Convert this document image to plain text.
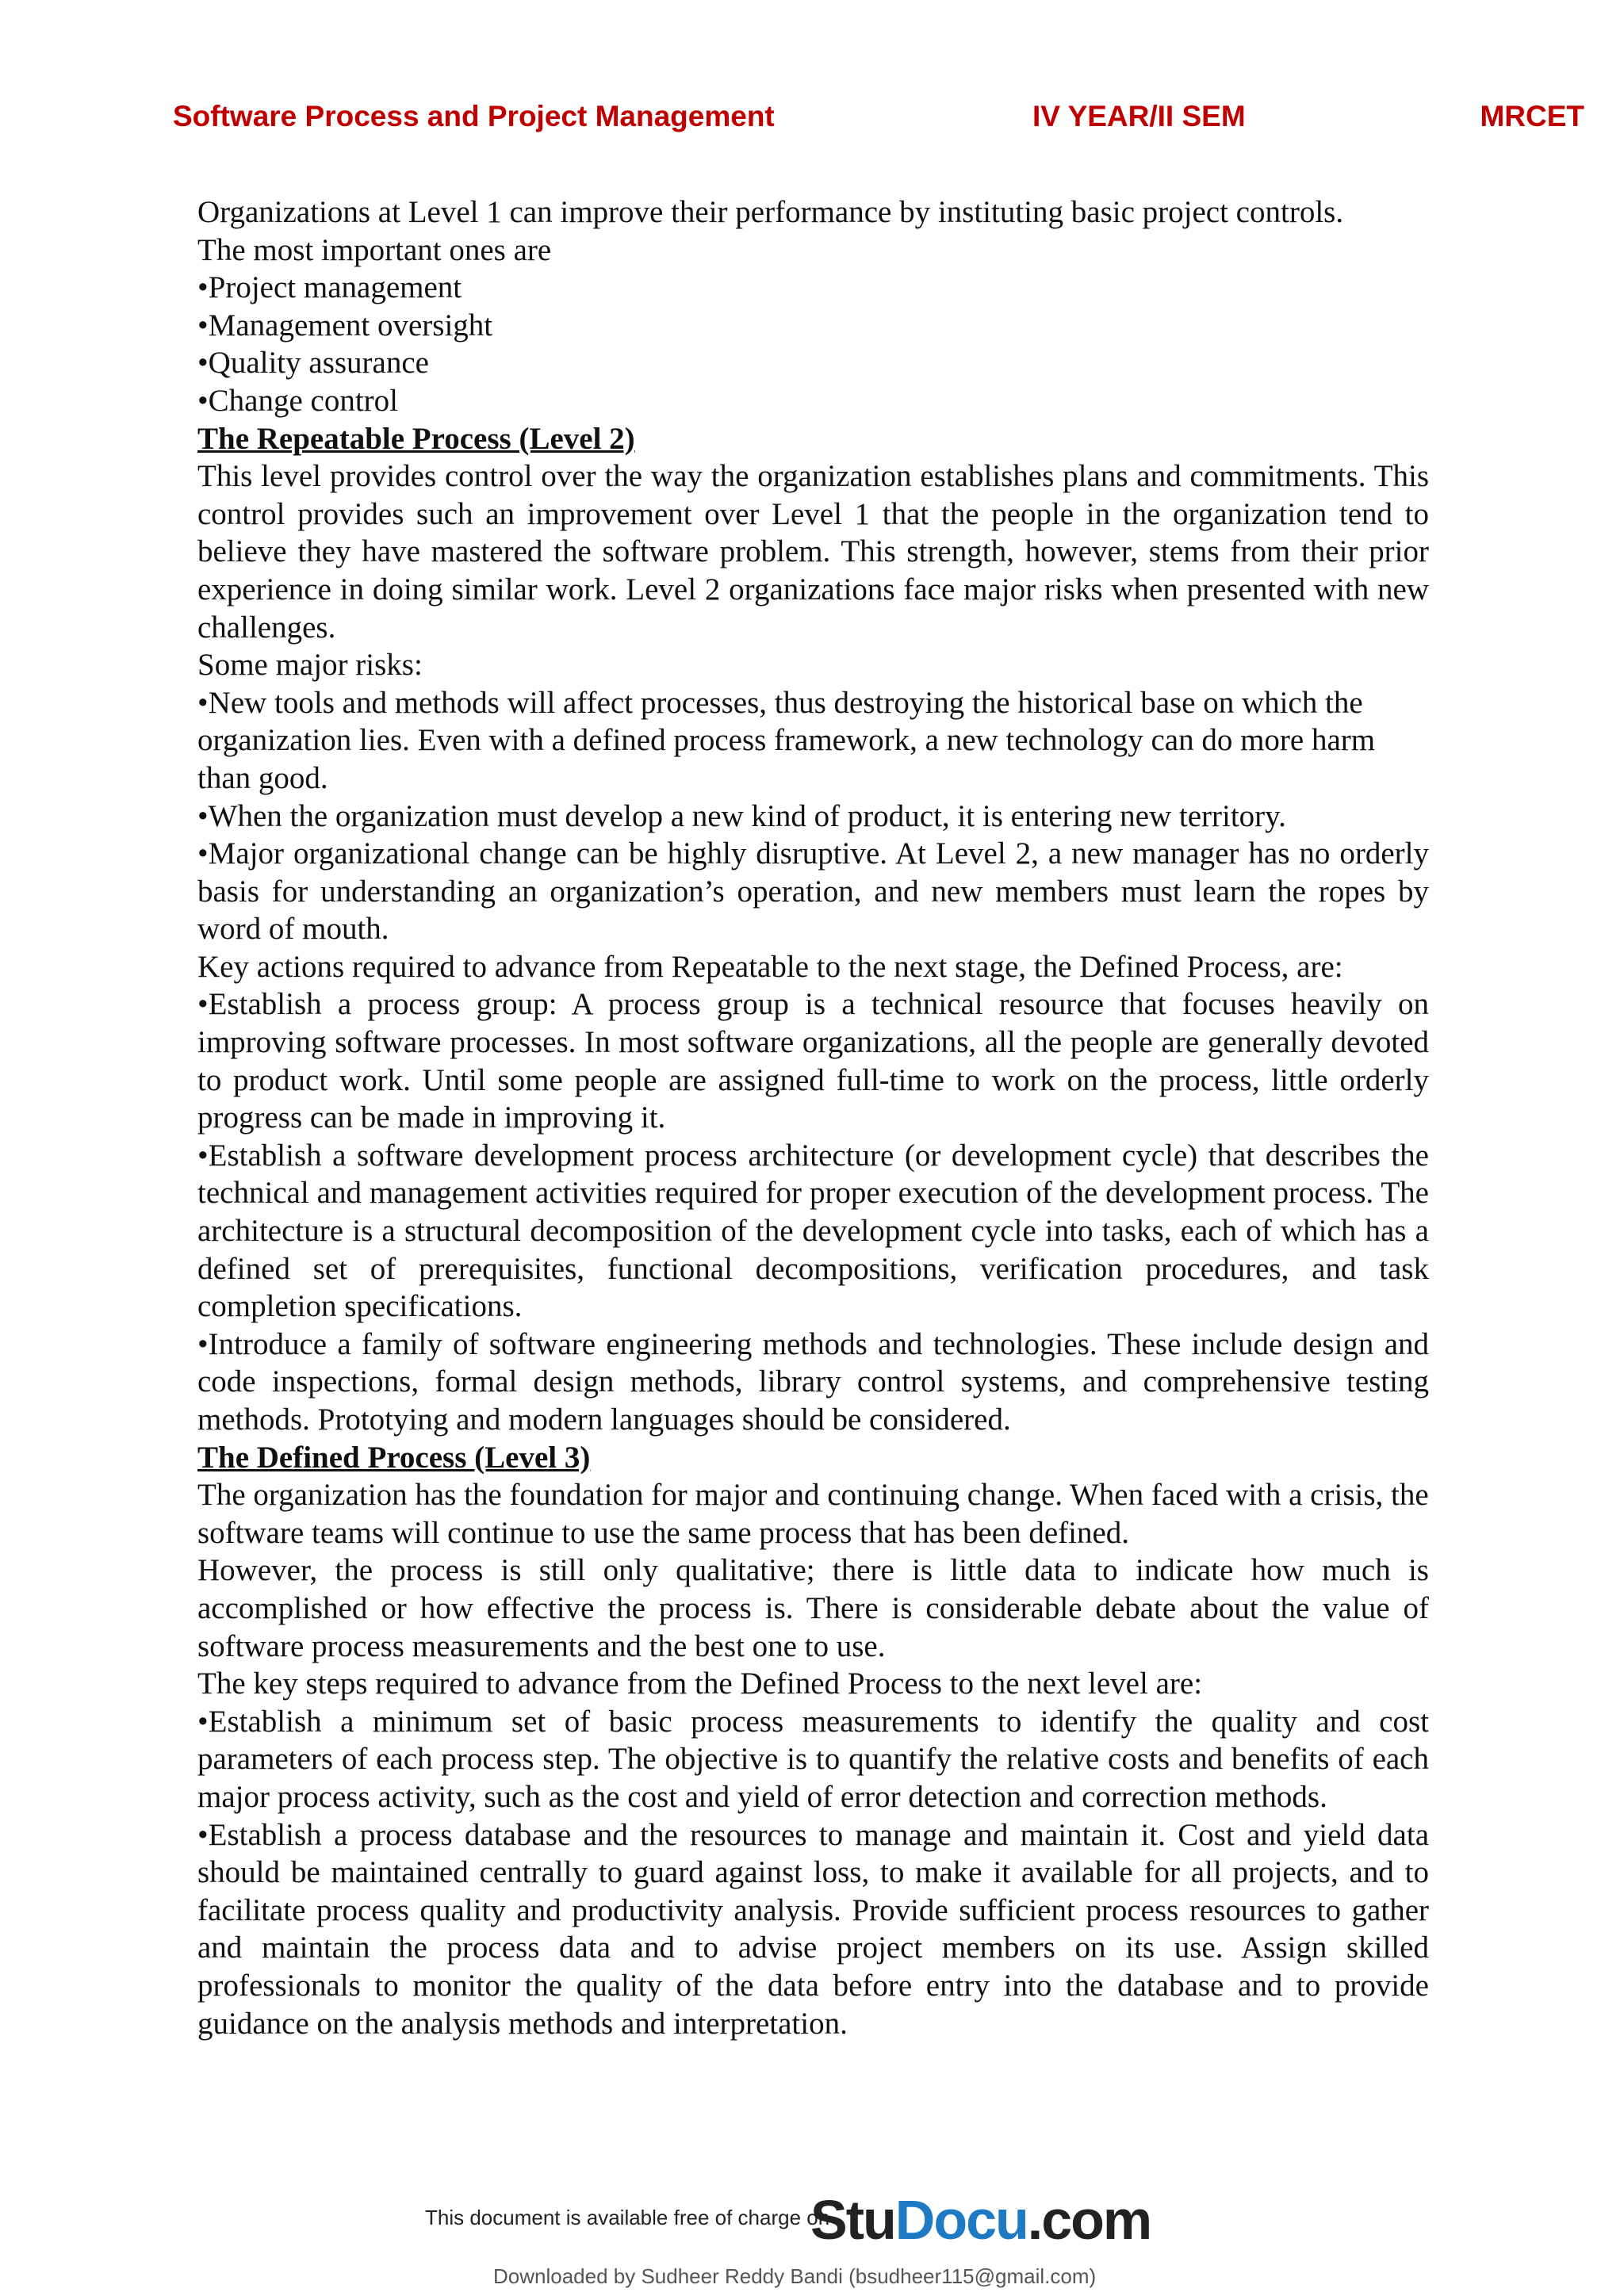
Software Process and Project Management	IV YEAR/II SEM	MRCET

Organizations at Level 1 can improve their performance by instituting basic project controls.

The most important ones are

•Project management

•Management oversight

•Quality assurance

•Change control

The Repeatable Process (Level 2)

This level provides control over the way the organization establishes plans and commitments. This control provides such an improvement over Level 1 that the people in the organization tend to believe they have mastered the software problem. This strength, however, stems from their prior experience in doing similar work. Level 2 organizations face major risks when presented with new challenges.

Some major risks:

•New tools and methods will affect processes, thus destroying the historical base on which the organization lies. Even with a defined process framework, a new technology can do more harm than good.

•When the organization must develop a new kind of product, it is entering new territory.

•Major organizational change can be highly disruptive. At Level 2, a new manager has no orderly basis for understanding an organization’s operation, and new members must learn the ropes by word of mouth.

Key actions required to advance from Repeatable to the next stage, the Defined Process, are:

•Establish a process group: A process group is a technical resource that focuses heavily on improving software processes. In most software organizations, all the people are generally devoted to product work. Until some people are assigned full-time to work on the process, little orderly progress can be made in improving it.

•Establish a software development process architecture (or development cycle) that describes the technical and management activities required for proper execution of the development process. The architecture is a structural decomposition of the development cycle into tasks, each of which has a defined set of prerequisites, functional decompositions, verification procedures, and task completion specifications.

•Introduce a family of software engineering methods and technologies. These include design and code inspections, formal design methods, library control systems, and comprehensive testing methods. Prototying and modern languages should be considered.

The Defined Process (Level 3)

The organization has the foundation for major and continuing change. When faced with a crisis, the software teams will continue to use the same process that has been defined.

However, the process is still only qualitative; there is little data to indicate how much is accomplished or how effective the process is. There is considerable debate about the value of software process measurements and the best one to use.

The key steps required to advance from the Defined Process to the next level are:

•Establish a minimum set of basic process measurements to identify the quality and cost parameters of each process step. The objective is to quantify the relative costs and benefits of each major process activity, such as the cost and yield of error detection and correction methods.

•Establish a process database and the resources to manage and maintain it. Cost and yield data should be maintained centrally to guard against loss, to make it available for all projects, and to facilitate process quality and productivity analysis. Provide sufficient process resources to gather and maintain the process data and to advise project members on its use. Assign skilled professionals to monitor the quality of the data before entry into the database and to provide guidance on the analysis methods and interpretation.

This document is available free of charge on
StuDocu.com
Downloaded by Sudheer Reddy Bandi (bsudheer115@gmail.com)
